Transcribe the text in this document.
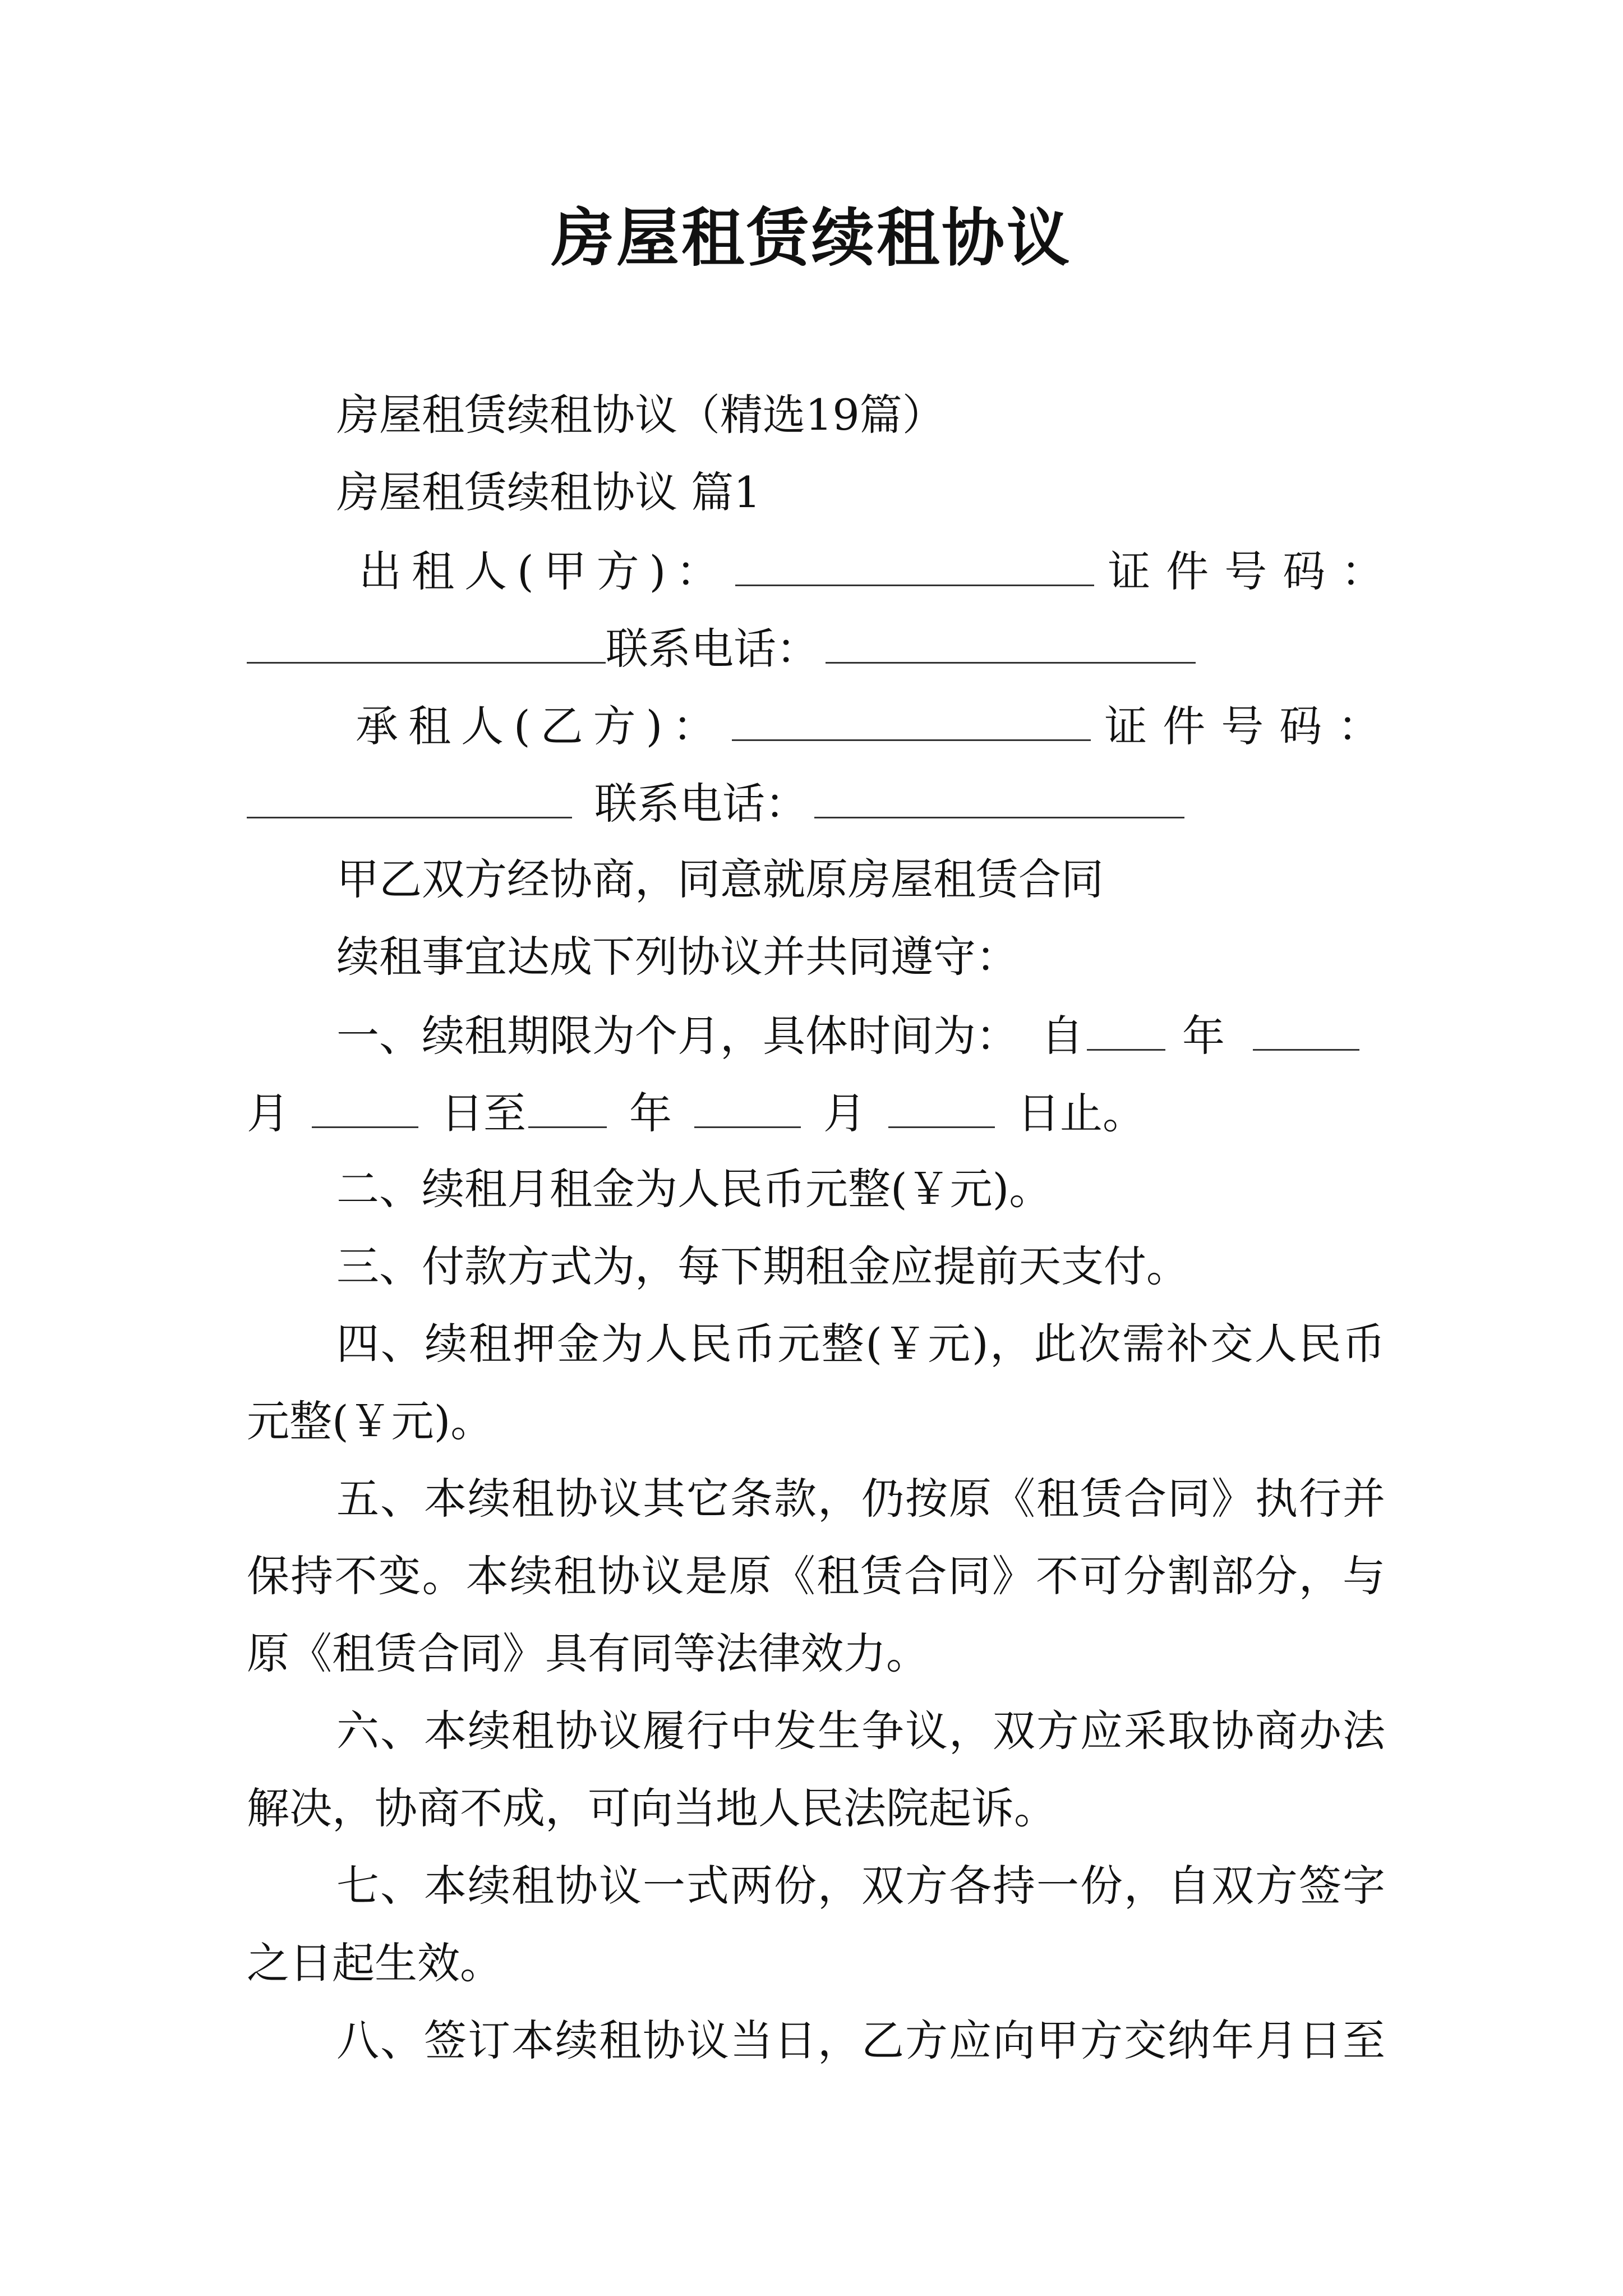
房屋租赁续租协议
房屋租赁续租协议（精选19篇）
房屋租赁续租协议 篇1
出租人(甲方)：	证件号码：
联系电话：
承租人(乙方)：	证件号码：
联系电话：
甲乙双方经协商，同意就原房屋租赁合同
续租事宜达成下列协议并共同遵守：
一、续租期限为个月，具体时间为： 自 年
月	日至 年	月	日止。
二、续租月租金为人民币元整(￥元)。
三、付款方式为，每下期租金应提前天支付。
四、续租押金为人民币元整(￥元)，此次需补交人民币
元整(￥元)。
五、本续租协议其它条款，仍按原《租赁合同》执行并
保持不变。本续租协议是原《租赁合同》不可分割部分，与
原《租赁合同》具有同等法律效力。
六、本续租协议履行中发生争议，双方应采取协商办法
解决，协商不成，可向当地人民法院起诉。
七、本续租协议一式两份，双方各持一份，自双方签字
之日起生效。
八、签订本续租协议当日，乙方应向甲方交纳年月日至
